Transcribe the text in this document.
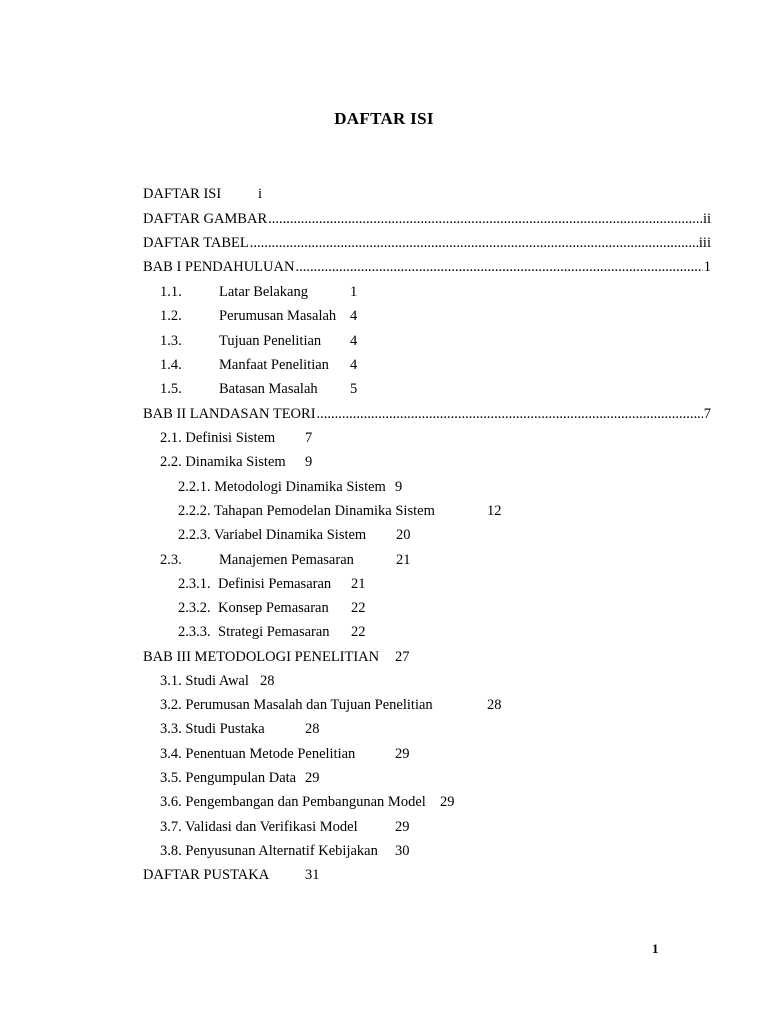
DAFTAR ISI
DAFTAR ISI	i
DAFTAR GAMBAR .....	ii
DAFTAR TABEL .....	iii
BAB I PENDAHULUAN .....	1
1.1.	Latar Belakang	1
1.2.	Perumusan Masalah 4
1.3.	Tujuan Penelitian 4
1.4.	Manfaat Penelitian 4
1.5.	Batasan Masalah 5
BAB II LANDASAN TEORI .....	7
2.1. Definisi Sistem 7
2.2. Dinamika Sistem 9
2.2.1. Metodologi Dinamika Sistem 9
2.2.2. Tahapan Pemodelan Dinamika Sistem	12
2.2.3. Variabel Dinamika Sistem 20
2.3.	Manajemen Pemasaran	21
2.3.1. Definisi Pemasaran 21
2.3.2. Konsep Pemasaran 22
2.3.3. Strategi Pemasaran 22
BAB III METODOLOGI PENELITIAN 27
3.1. Studi Awal 28
3.2. Perumusan Masalah dan Tujuan Penelitian	28
3.3. Studi Pustaka	28
3.4. Penentuan Metode Penelitian	29
3.5. Pengumpulan Data 29
3.6. Pengembangan dan Pembangunan Model 29
3.7. Validasi dan Verifikasi Model	29
3.8. Penyusunan Alternatif Kebijakan 30
DAFTAR PUSTAKA 31
1
